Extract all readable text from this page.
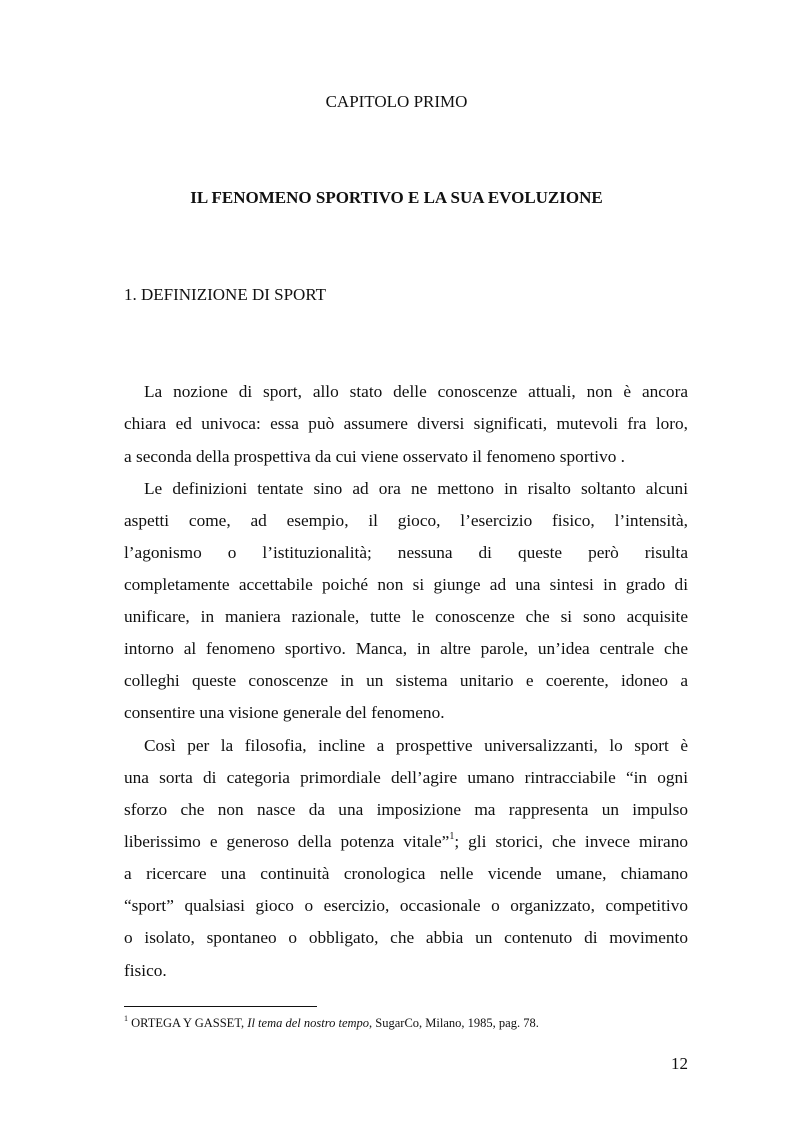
CAPITOLO PRIMO
IL FENOMENO SPORTIVO E LA SUA EVOLUZIONE
1. DEFINIZIONE DI SPORT
La nozione di sport, allo stato delle conoscenze attuali, non è ancora
chiara ed univoca: essa può assumere diversi significati, mutevoli fra loro,
a seconda della prospettiva da cui viene osservato il fenomeno sportivo .
Le definizioni tentate sino ad ora ne mettono in risalto soltanto alcuni
aspetti come, ad esempio, il gioco, l’esercizio fisico, l’intensità,
l’agonismo o l’istituzionalità; nessuna di queste però risulta
completamente accettabile poiché non si giunge ad una sintesi in grado di
unificare, in maniera razionale, tutte le conoscenze che si sono acquisite
intorno al fenomeno sportivo. Manca, in altre parole, un’idea centrale che
colleghi queste conoscenze in un sistema unitario e coerente, idoneo a
consentire una visione generale del fenomeno.
Così per la filosofia, incline a prospettive universalizzanti, lo sport è
una sorta di categoria primordiale dell’agire umano rintracciabile “in ogni
sforzo che non nasce da una imposizione ma rappresenta un impulso
liberissimo e generoso della potenza vitale”$^1$; gli storici, che invece mirano
a ricercare una continuità cronologica nelle vicende umane, chiamano
“sport” qualsiasi gioco o esercizio, occasionale o organizzato, competitivo
o isolato, spontaneo o obbligato, che abbia un contenuto di movimento
fisico.
$^1$ ORTEGA Y GASSET, Il tema del nostro tempo, SugarCo, Milano, 1985, pag. 78.
12
